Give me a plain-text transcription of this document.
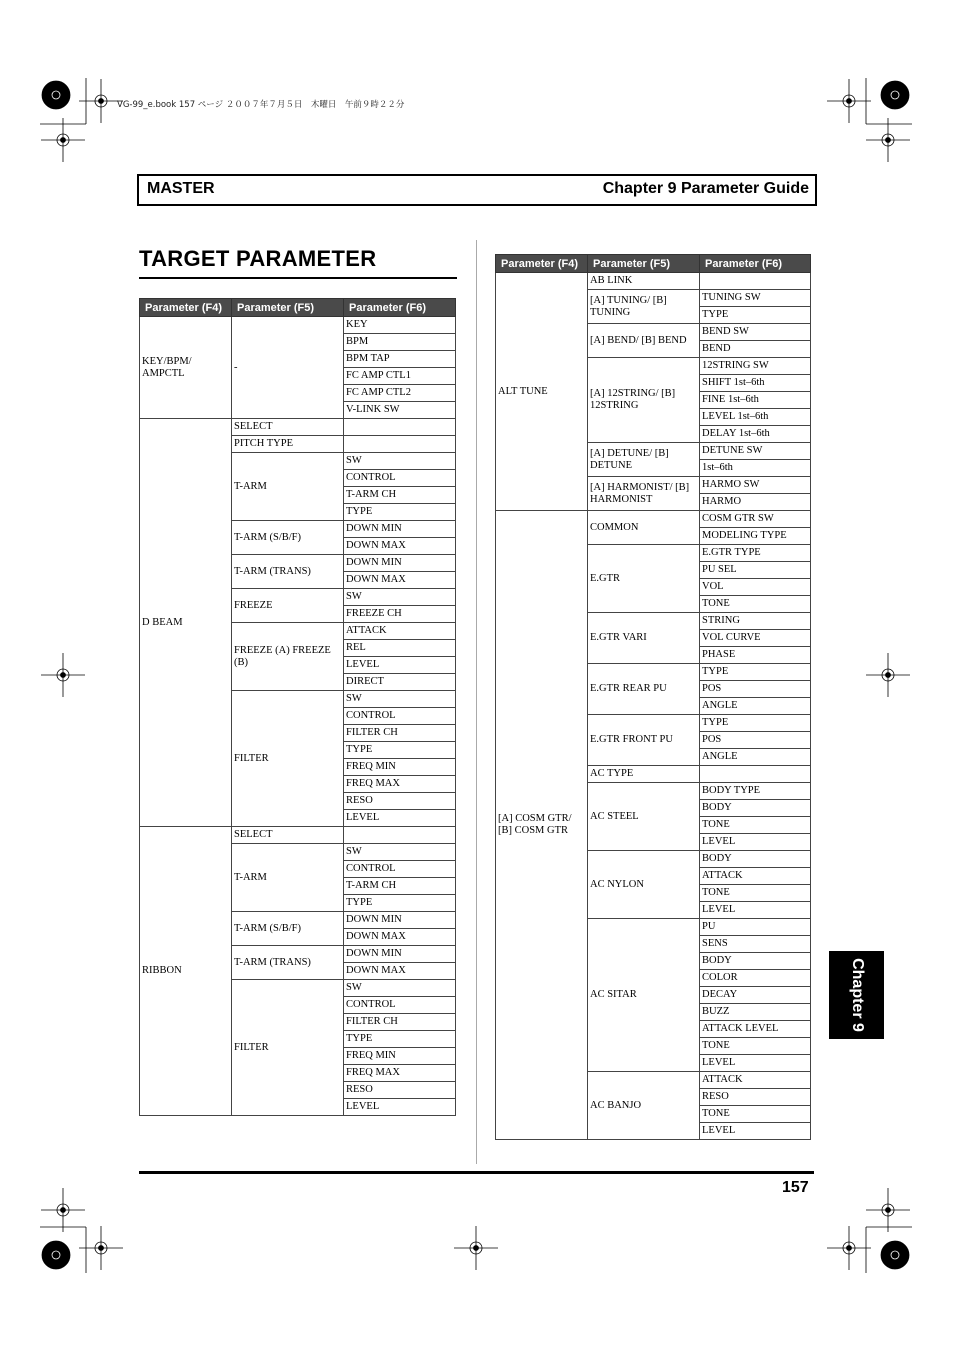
VG-99_e.book 157 ページ ２００７年７月５日　木曜日　午前９時２２分
MASTER	Chapter 9 Parameter Guide
TARGET PARAMETER
Parameter (F4)	Parameter (F5)	Parameter (F6)
KEY/BPM/ AMPCTL	-	KEY
		BPM
		BPM TAP
		FC AMP CTL1
		FC AMP CTL2
		V-LINK SW
D BEAM	SELECT	
	PITCH TYPE	
	T-ARM	SW
		CONTROL
		T-ARM CH
		TYPE
	T-ARM (S/B/F)	DOWN MIN
		DOWN MAX
	T-ARM (TRANS)	DOWN MIN
		DOWN MAX
	FREEZE	SW
		FREEZE CH
	FREEZE (A) FREEZE (B)	ATTACK
		REL
		LEVEL
		DIRECT
	FILTER	SW
		CONTROL
		FILTER CH
		TYPE
		FREQ MIN
		FREQ MAX
		RESO
		LEVEL
RIBBON	SELECT	
	T-ARM	SW
		CONTROL
		T-ARM CH
		TYPE
	T-ARM (S/B/F)	DOWN MIN
		DOWN MAX
	T-ARM (TRANS)	DOWN MIN
		DOWN MAX
	FILTER	SW
		CONTROL
		FILTER CH
		TYPE
		FREQ MIN
		FREQ MAX
		RESO
		LEVEL
Parameter (F4)	Parameter (F5)	Parameter (F6)
ALT TUNE	AB LINK	
	[A] TUNING/ [B] TUNING	TUNING SW
		TYPE
	[A] BEND/ [B] BEND	BEND SW
		BEND
	[A] 12STRING/ [B] 12STRING	12STRING SW
		SHIFT 1st–6th
		FINE 1st–6th
		LEVEL 1st–6th
		DELAY 1st–6th
	[A] DETUNE/ [B] DETUNE	DETUNE SW
		1st–6th
	[A] HARMONIST/ [B] HARMONIST	HARMO SW
		HARMO
[A] COSM GTR/ [B] COSM GTR	COMMON	COSM GTR SW
		MODELING TYPE
	E.GTR	E.GTR TYPE
		PU SEL
		VOL
		TONE
	E.GTR VARI	STRING
		VOL CURVE
		PHASE
	E.GTR REAR PU	TYPE
		POS
		ANGLE
	E.GTR FRONT PU	TYPE
		POS
		ANGLE
	AC TYPE	
	AC STEEL	BODY TYPE
		BODY
		TONE
		LEVEL
	AC NYLON	BODY
		ATTACK
		TONE
		LEVEL
	AC SITAR	PU
		SENS
		BODY
		COLOR
		DECAY
		BUZZ
		ATTACK LEVEL
		TONE
		LEVEL
	AC BANJO	ATTACK
		RESO
		TONE
		LEVEL
157
Chapter 9
